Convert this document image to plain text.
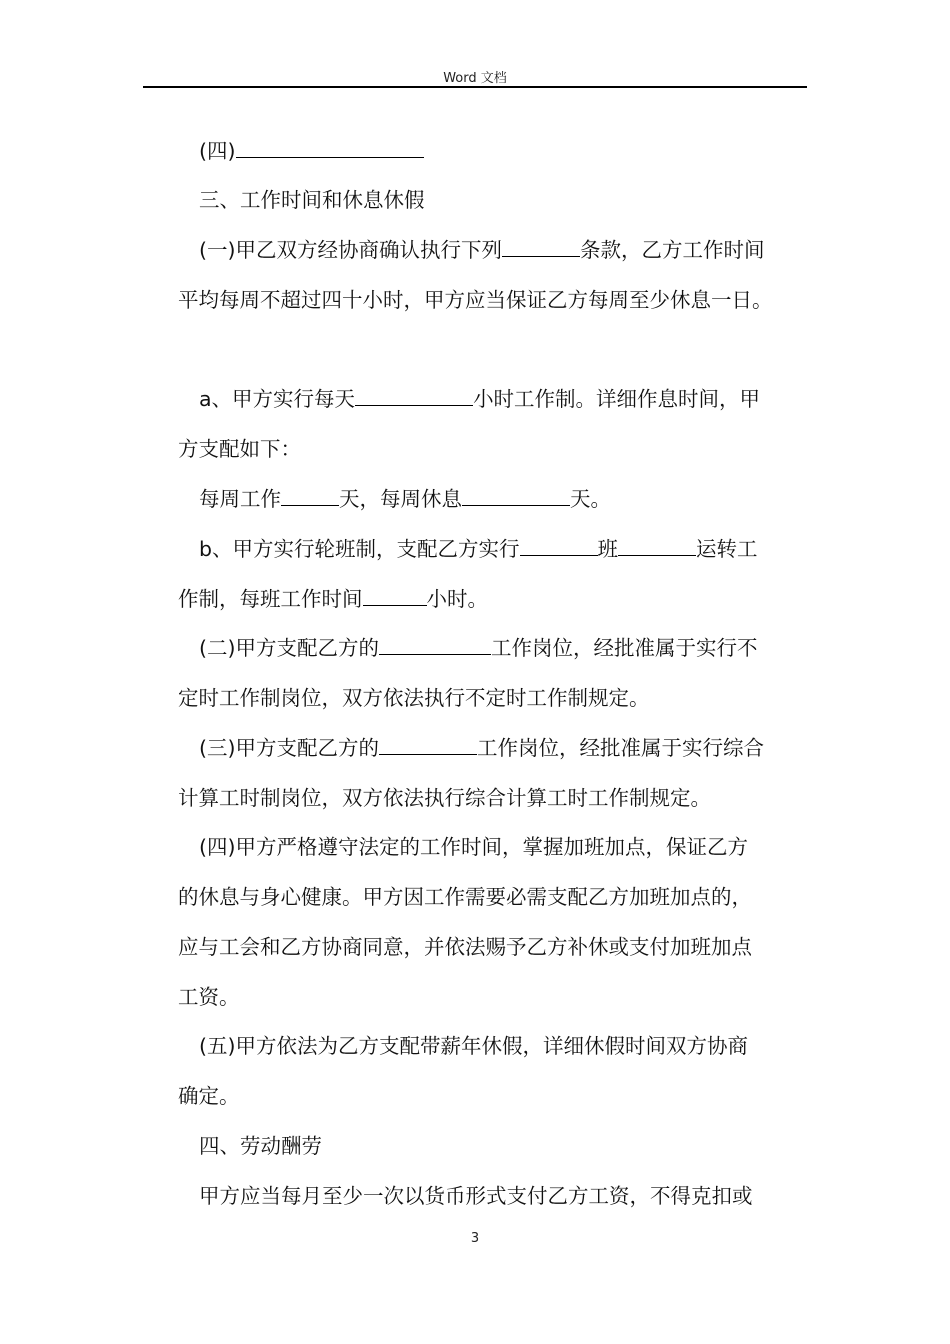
Word 文档
(四)
三、工作时间和休息休假
(一)甲乙双方经协商确认执行下列	条款，乙方工作时间
平均每周不超过四十小时，甲方应当保证乙方每周至少休息一日。
a、甲方实行每天	小时工作制。详细作息时间，甲
方支配如下：
每周工作	天，每周休息	天。
b、甲方实行轮班制，支配乙方实行	班	运转工
作制，每班工作时间	小时。
(二)甲方支配乙方的	工作岗位，经批准属于实行不
定时工作制岗位，双方依法执行不定时工作制规定。
(三)甲方支配乙方的	工作岗位，经批准属于实行综合
计算工时制岗位，双方依法执行综合计算工时工作制规定。
(四)甲方严格遵守法定的工作时间，掌握加班加点，保证乙方
的休息与身心健康。甲方因工作需要必需支配乙方加班加点的，
应与工会和乙方协商同意，并依法赐予乙方补休或支付加班加点
工资。
(五)甲方依法为乙方支配带薪年休假，详细休假时间双方协商
确定。
四、劳动酬劳
甲方应当每月至少一次以货币形式支付乙方工资，不得克扣或
3
